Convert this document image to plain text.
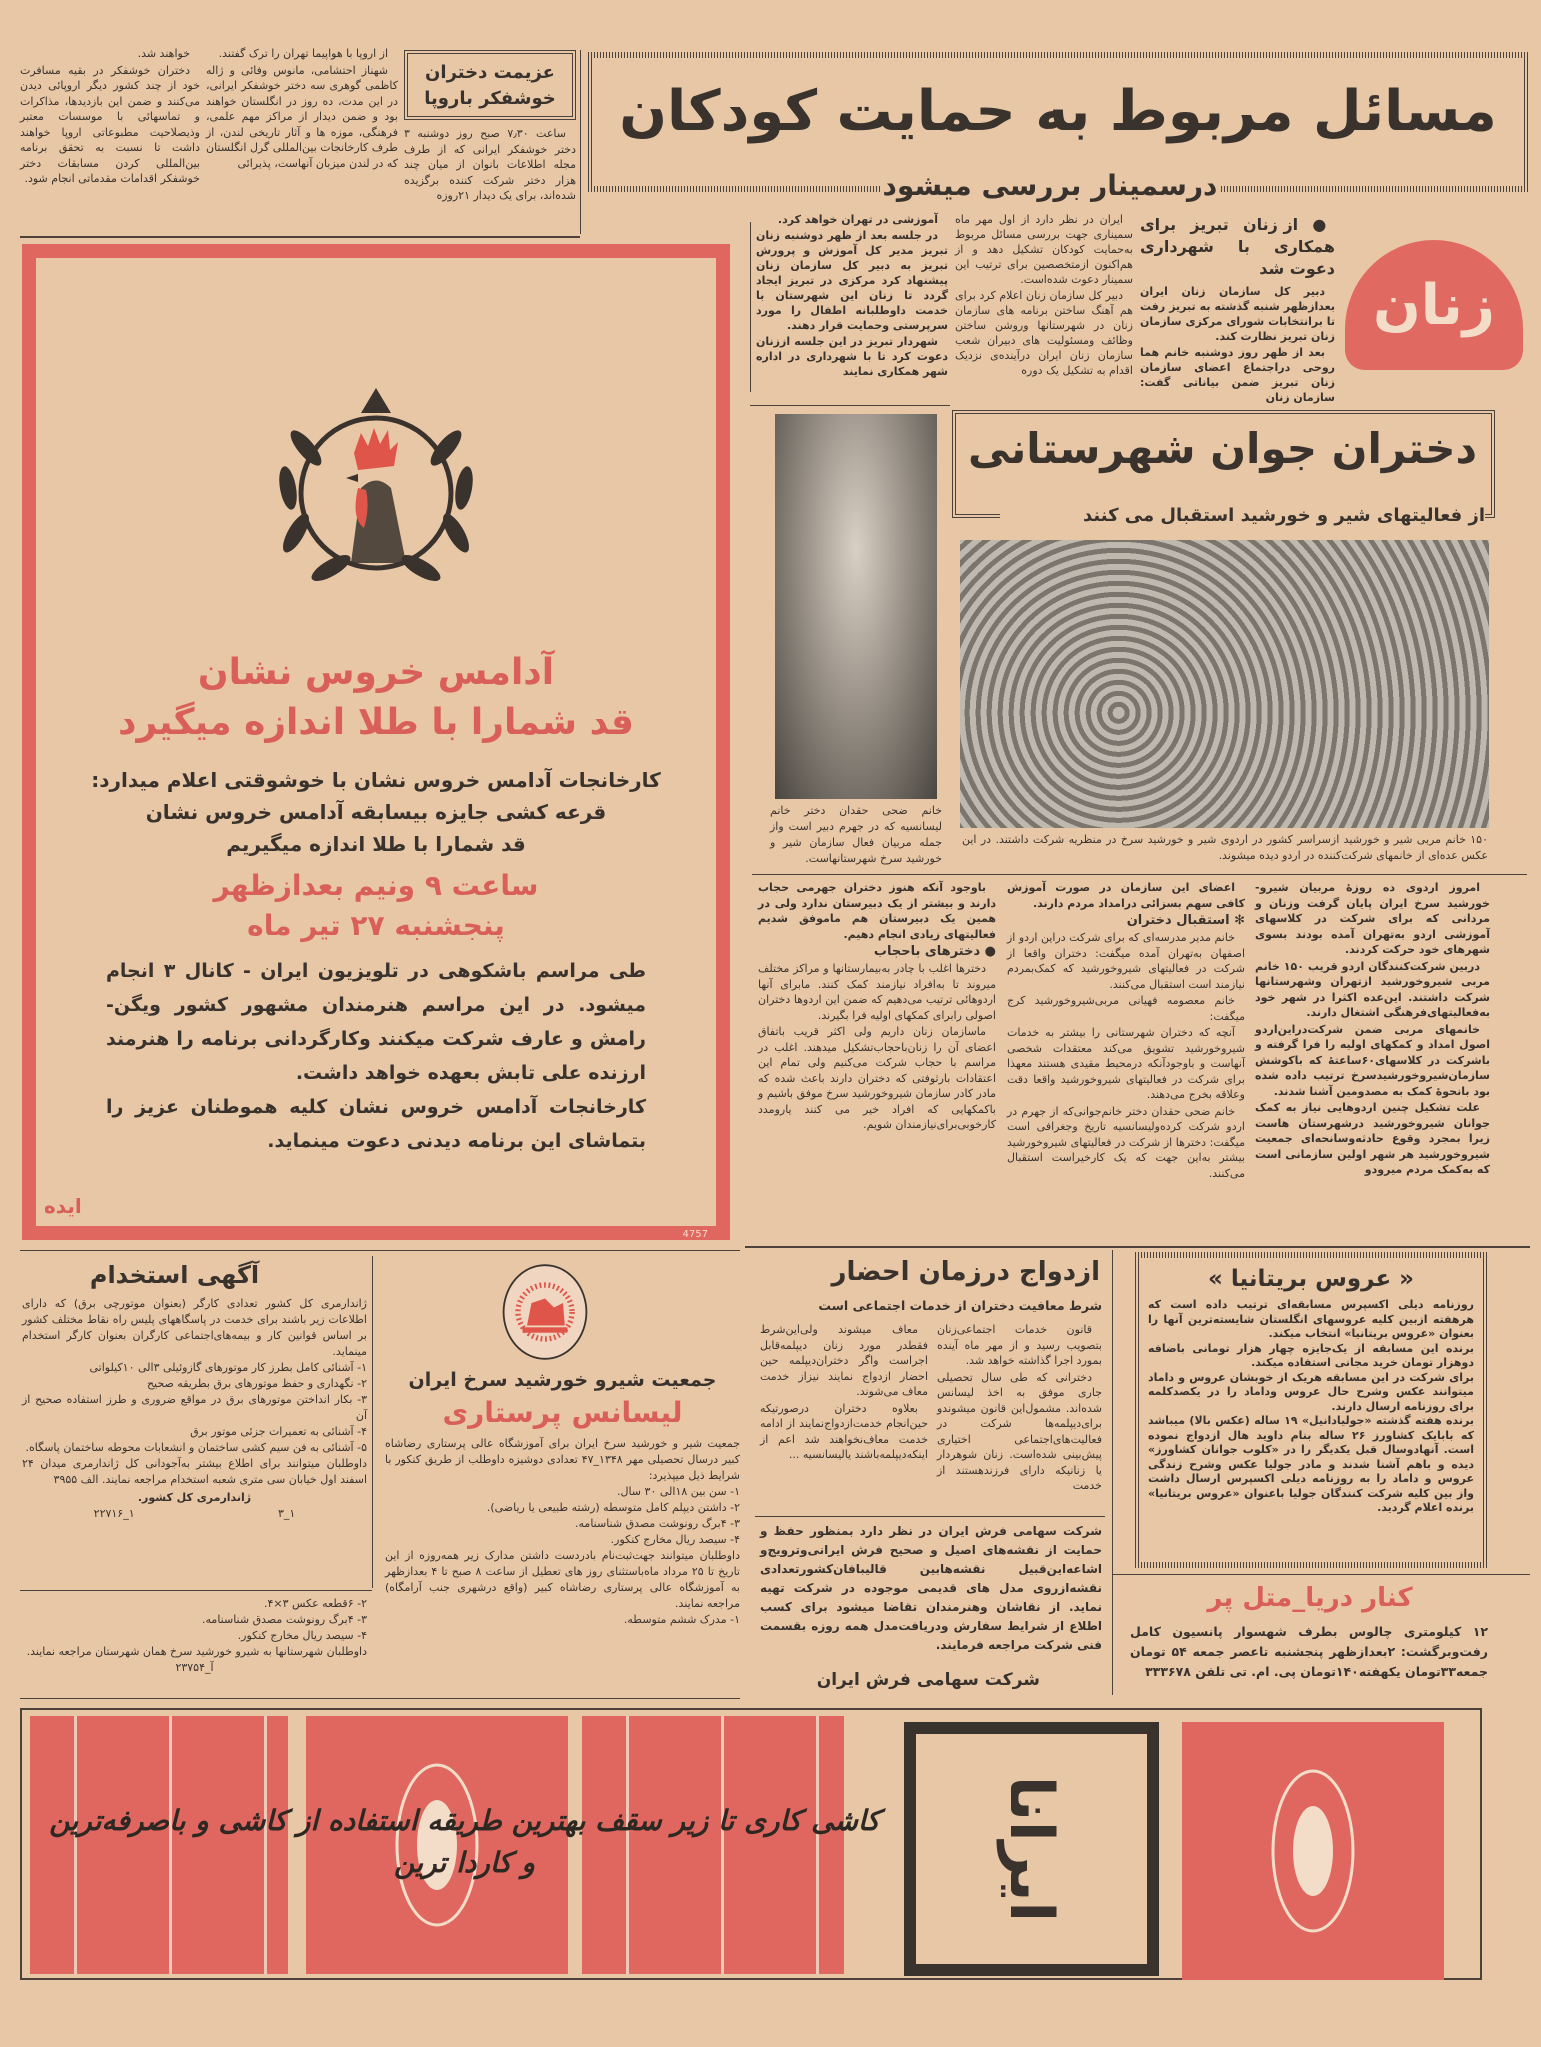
عزیمت دختران
خوشفکر باروپا

ساعت ۷٫۳۰ صبح روز دوشنبه ۳ دختر خوشفکر ایرانی که از طرف مجله اطلاعات بانوان از میان چند هزار دختر شرکت کننده برگزیده شده‌اند، برای یک دیدار ۲۱روزه

از اروپا با هواپیما تهران را ترک گفتند.

شهناز احتشامی، مانوس وفائی و ژاله کاظمی گوهری سه دختر خوشفکر ایرانی، در این مدت، ده روز در انگلستان خواهند بود و ضمن دیدار از مراکز مهم علمی، فرهنگی، موزه ها و آثار تاریخی لندن، از طرف کارخانجات بین‌المللی گرل انگلستان که در لندن میزبان آنهاست، پذیرائی

خواهند شد.

دختران خوشفکر در بقیه مسافرت خود از چند کشور دیگر اروپائی دیدن می‌کنند و ضمن این بازدیدها، مذاکرات و تماسهائی با موسسات معتبر وذیصلاحیت مطبوعاتی اروپا خواهند داشت تا نسبت به تحقق برنامه بین‌المللی کردن مسابقات دختر خوشفکر اقدامات مقدماتی انجام شود.

مسائل مربوط به حمایت کودکان
درسمینار بررسی میشود
زنان
● از زنان تبریز برای همکاری با شهرداری دعوت شد

دبیر کل سازمان زنان ایران بعدازظهر شنبه گذشته به تبریز رفت تا برانتخابات شورای مرکزی سازمان زنان تبریز نظارت کند.

بعد از ظهر روز دوشنبه خانم هما روحی دراجتماع اعضای سازمان زنان تبریز ضمن بیاناتی گفت: سازمان زنان

ایران در نظر دارد از اول مهر ماه سمیناری جهت بررسی مسائل مربوط به‌حمایت کودکان تشکیل دهد و از هم‌اکنون ازمتخصصین برای ترتیب این سمینار دعوت شده‌است.

دبیر کل سازمان زنان اعلام کرد برای هم آهنگ ساختن برنامه های سازمان زنان در شهرستانها وروشن ساختن وظائف ومسئولیت های دبیران شعب سازمان زنان ایران درآینده‌ی نزدیک اقدام به تشکیل یک دوره

آموزشی در تهران خواهد کرد.

در جلسه بعد از ظهر دوشنبه زنان تبریز مدیر کل آموزش و پرورش تبریز به دبیر کل سازمان زنان پیشنهاد کرد مرکزی در تبریز ایجاد گردد تا زنان این شهرستان با خدمت داوطلبانه اطفال را مورد سرپرستی وحمایت قرار دهند.

شهردار تبریز در این جلسه اززنان دعوت کرد تا با شهرداری در اداره شهر همکاری نمایند

آدامس خروس نشان
قد شمارا با طلا اندازه میگیرد

کارخانجات آدامس خروس نشان با خوشوقتی اعلام میدارد:

قرعه کشی جایزه بیسابقه آدامس خروس نشان

قد شمارا با طلا اندازه میگیریم

ساعت ۹ ونیم بعدازظهر
پنجشنبه ۲۷ تیر ماه

طی مراسم باشکوهی در تلویزیون ایران - کانال ۳ انجام میشود. در این مراسم هنرمندان مشهور کشور ویگن- رامش و عارف شرکت میکنند وکارگردانی برنامه را هنرمند ارزنده علی تابش بعهده خواهد داشت.

کارخانجات آدامس خروس نشان کلیه هموطنان عزیز را بتماشای این برنامه دیدنی دعوت مینماید.

ایده
4757

خانم ضحی حقدان دختر خانم لیسانسیه که در جهرم دبیر است واز جمله مربیان فعال سازمان شیر و خورشید سرخ شهرستانهاست.

دختران جوان شهرستانی
از فعالیتهای شیر و خورشید استقبال می کنند

۱۵۰ خانم مربی شیر و خورشید ازسراسر کشور در اردوی شیر و خورشید سرخ در منظریه شرکت داشتند. در این عکس عده‌ای از خانمهای شرکت‌کننده در اردو دیده میشوند.

امروز اردوی ده روزهٔ مربیان شیرو- خورشید سرخ ایران پایان گرفت وزنان و مردانی که برای شرکت در کلاسهای آموزشی اردو به‌تهران آمده بودند بسوی شهرهای خود حرکت کردند.

دربین شرکت‌کنندگان اردو قریب ۱۵۰ خانم مربی شیروخورشید ازتهران وشهرستانها شرکت داشتند. این‌عده اکثرا در شهر خود به‌فعالیتهای‌فرهنگی اشتغال دارند.

خانمهای مربی ضمن شرکت‌دراین‌اردو اصول امداد و کمکهای اولیه را فرا گرفته و باشرکت در کلاسهای۶۰ساعتهٔ که باکوشش سازمان‌شیروخورشیدسرخ ترتیب داده شده بود بانحوهٔ کمک به مصدومین آشنا شدند.

علت تشکیل چنین اردوهایی نیاز به کمک جوانان شیروخورشید درشهرستان هاست زیرا بمجرد وقوع حادثه‌وسانحه‌ای جمعیت شیروخورشید هر شهر اولین سازمانی است که به‌کمک مردم میرودو

اعضای این سازمان در صورت آموزش کافی سهم بسزائی درامداد مردم دارند.

✻ استقبال دختران

خانم مدیر مدرسه‌ای که برای شرکت دراین اردو از اصفهان به‌تهران آمده میگفت: دختران واقعا از شرکت در فعالیتهای شیروخورشید که کمک‌بمردم نیازمند است استقبال می‌کنند.

خانم معصومه فهیانی مربی‌شیروخورشید کرج میگفت:

آنچه که دختران شهرستانی را بیشتر به خدمات شیروخورشید تشویق می‌کند معتقدات شخصی آنهاست و باوجودآنکه درمحیط مقیدی هستند معهذا برای شرکت در فعالیتهای شیروخورشید واقعا دقت وعلاقه بخرج می‌دهند.

خانم ضحی حقدان دختر خانم‌جوانی‌که از جهرم در اردو شرکت کرده‌ولیسانسیه تاریخ وجغرافی است میگفت: دخترها از شرکت در فعالیتهای شیروخورشید بیشتر به‌این جهت که یک کارخیراست استقبال می‌کنند.

باوجود آنکه هنوز دختران جهرمی حجاب دارند و بیشتر از یک دبیرستان ندارد ولی در همین یک دبیرستان هم ماموفق شدیم فعالیتهای زیادی انجام دهیم.

● دخترهای باحجاب

دخترها اغلب با چادر به‌بیمارستانها و مراکز مختلف میروند تا به‌افراد نیازمند کمک کنند. مابرای آنها اردوهائی ترتیب می‌دهیم که ضمن این اردوها دختران اصولی رابرای کمکهای اولیه فرا بگیرند.

ماسازمان زنان داریم ولی اکثر قریب باتفاق اعضای آن را زنان‌باحجاب‌تشکیل میدهند. اغلب در مراسم با حجاب شرکت می‌کنیم ولی تمام این اعتقادات بارثوفتی که دختران دارند باعث شده که مادر کادر سازمان شیروخورشید سرخ موفق باشیم و باکمکهایی که افراد خیر می کنند یارومدد کارخوبی‌برای‌نیازمندان شویم.

آگهی استخدام

ژاندارمری کل کشور تعدادی کارگر (بعنوان موتورچی برق) که دارای اطلاعات زیر باشند برای خدمت در پاسگاههای پلیس راه نقاط مختلف کشور بر اساس قوانین کار و بیمه‌های‌اجتماعی کارگران بعنوان کارگر استخدام مینماید.

۱- آشنائی کامل بطرز کار موتورهای گازوئیلی ۳الی ۱۰کیلواتی

۲- نگهداری و حفظ موتورهای برق بطریقه صحیح

۳- بکار انداختن موتورهای برق در مواقع ضروری و طرز استفاده صحیح از آن

۴- آشنائی به تعمیرات جزئی موتور برق

۵- آشنائی به فن سیم کشی ساختمان و انشعابات محوطه ساختمان پاسگاه.

داوطلبان میتوانند برای اطلاع بیشتر به‌آجودانی کل ژاندارمری میدان ۲۴ اسفند اول خیابان سی متری شعبه استخدام مراجعه نمایند. الف ۳۹۵۵

ژاندارمری کل کشور.

۱_۳
۱_۲۲۷۱۶

۲- ۶قطعه عکس ۳×۴.

۳- ۴برگ رونوشت مصدق شناسنامه.

۴- سیصد ریال مخارج کنکور.

داوطلبان شهرستانها به شیرو خورشید سرخ همان شهرستان مراجعه نمایند.

آ_۲۳۷۵۴

جمعیت شیرو خورشید سرخ ایران
لیسانس پرستاری

جمعیت شیر و خورشید سرخ ایران برای آموزشگاه عالی پرستاری رضاشاه کبیر درسال تحصیلی مهر ۱۳۴۸_۴۷ تعدادی دوشیزه داوطلب از طریق کنکور با شرایط ذیل میپذیرد:

۱- سن بین ۱۸الی ۳۰ سال.

۲- داشتن دیپلم کامل متوسطه (رشته طبیعی یا ریاضی).

۳- ۴برگ رونوشت مصدق شناسنامه.

۴- سیصد ریال مخارج کنکور.

داوطلبان میتوانند جهت‌ثبت‌نام بادردست داشتن مدارک زیر همه‌روزه از این تاریخ تا ۲۵ مرداد ماه‌باستثنای روز های تعطیل از ساعت ۸ صبح تا ۴ بعدازظهر به آموزشگاه عالی پرستاری رضاشاه کبیر (واقع درشهری جنب آرامگاه) مراجعه نمایند.

۱- مدرک ششم متوسطه.

ازدواج درزمان احضار
شرط معافیت دختران از خدمات اجتماعی است

قانون خدمات اجتماعی‌زنان بتصویب رسید و از مهر ماه آینده بمورد اجرا گذاشته خواهد شد.

دخترانی که طی سال تحصیلی جاری موفق به اخذ لیسانس شده‌اند. مشمول‌این قانون میشوندو برای‌دیپلمه‌ها شرکت در فعالیت‌های‌اجتماعی اختیاری پیش‌بینی شده‌است. زنان شوهردار یا زنانیکه دارای فرزندهستند از خدمت

معاف میشوند ولی‌این‌شرط فقطدر مورد زنان دیپلمه‌قابل اجراست واگر دختران‌دیپلمه حین احضار ازدواج نمایند نیزاز خدمت معاف می‌شوند.

بعلاوه دختران درصورتیکه حین‌انجام خدمت‌ازدواج‌نمایند از ادامه خدمت معاف‌نخواهند شد اعم از اینکه‌دیپلمه‌باشند یالیسانسیه ...

شرکت سهامی فرش ایران در نظر دارد بمنظور حفظ و حمایت از نقشه‌های اصیل و صحیح فرش ایرانی‌وترویج‌و اشاعه‌این‌قبیل نقشه‌هابین قالیبافان‌کشور‌تعدادی نقشه‌ازروی مدل های قدیمی موجوده در شرکت تهیه نماید. از نقاشان وهنرمندان تقاضا میشود برای کسب اطلاع از شرایط سفارش ودریافت‌مدل همه روزه بقسمت فنی شرکت مراجعه فرمایند.

شرکت سهامی فرش ایران

« عروس بریتانیا »

روزنامه دیلی اکسپرس مسابقه‌ای ترتیب داده است که هرهفته ازبین کلیه عروسهای انگلستان شایسته‌ترین آنها را بعنوان «عروس بریتانیا» انتخاب میکند.

برنده این مسابقه از یک‌جایزه چهار هزار تومانی باضافه دوهزار تومان خرید مجانی استفاده میکند.

برای شرکت در این مسابقه هریک از خوبشان عروس و داماد میتوانند عکس وشرح حال عروس وداماد را در یکصدکلمه برای روزنامه ارسال دارند.

برنده هفته گذشته «جولیادانیل» ۱۹ ساله (عکس بالا) میباشد که بابایک کشاورز ۲۶ ساله بنام داوید هال ازدواج نموده است. آنهادوسال قبل یکدیگر را در «کلوب جوانان کشاورز» دیده و باهم آشنا شدند و مادر جولیا عکس وشرح زندگی عروس و داماد را به روزنامه دیلی اکسپرس ارسال داشت واز بین کلیه شرکت کنندگان جولیا باعنوان «عروس بریتانیا» برنده اعلام گردید.

کنار دریا_متل پر

۱۲ کیلومتری چالوس بطرف شهسوار پانسیون کامل رفت‌وبرگشت: ۲بعدازظهر پنجشنبه تاعصر جمعه ۵۴ تومان جمعه۳۳تومان یکهفته۱۴۰تومان پی. ام. تی تلفن ۳۳۳۶۷۸

ایرانا

کاشی کاری تا زیر سقف بهترین طریقه استفاده از کاشی و باصرفه‌ترین و کاردا ترین
